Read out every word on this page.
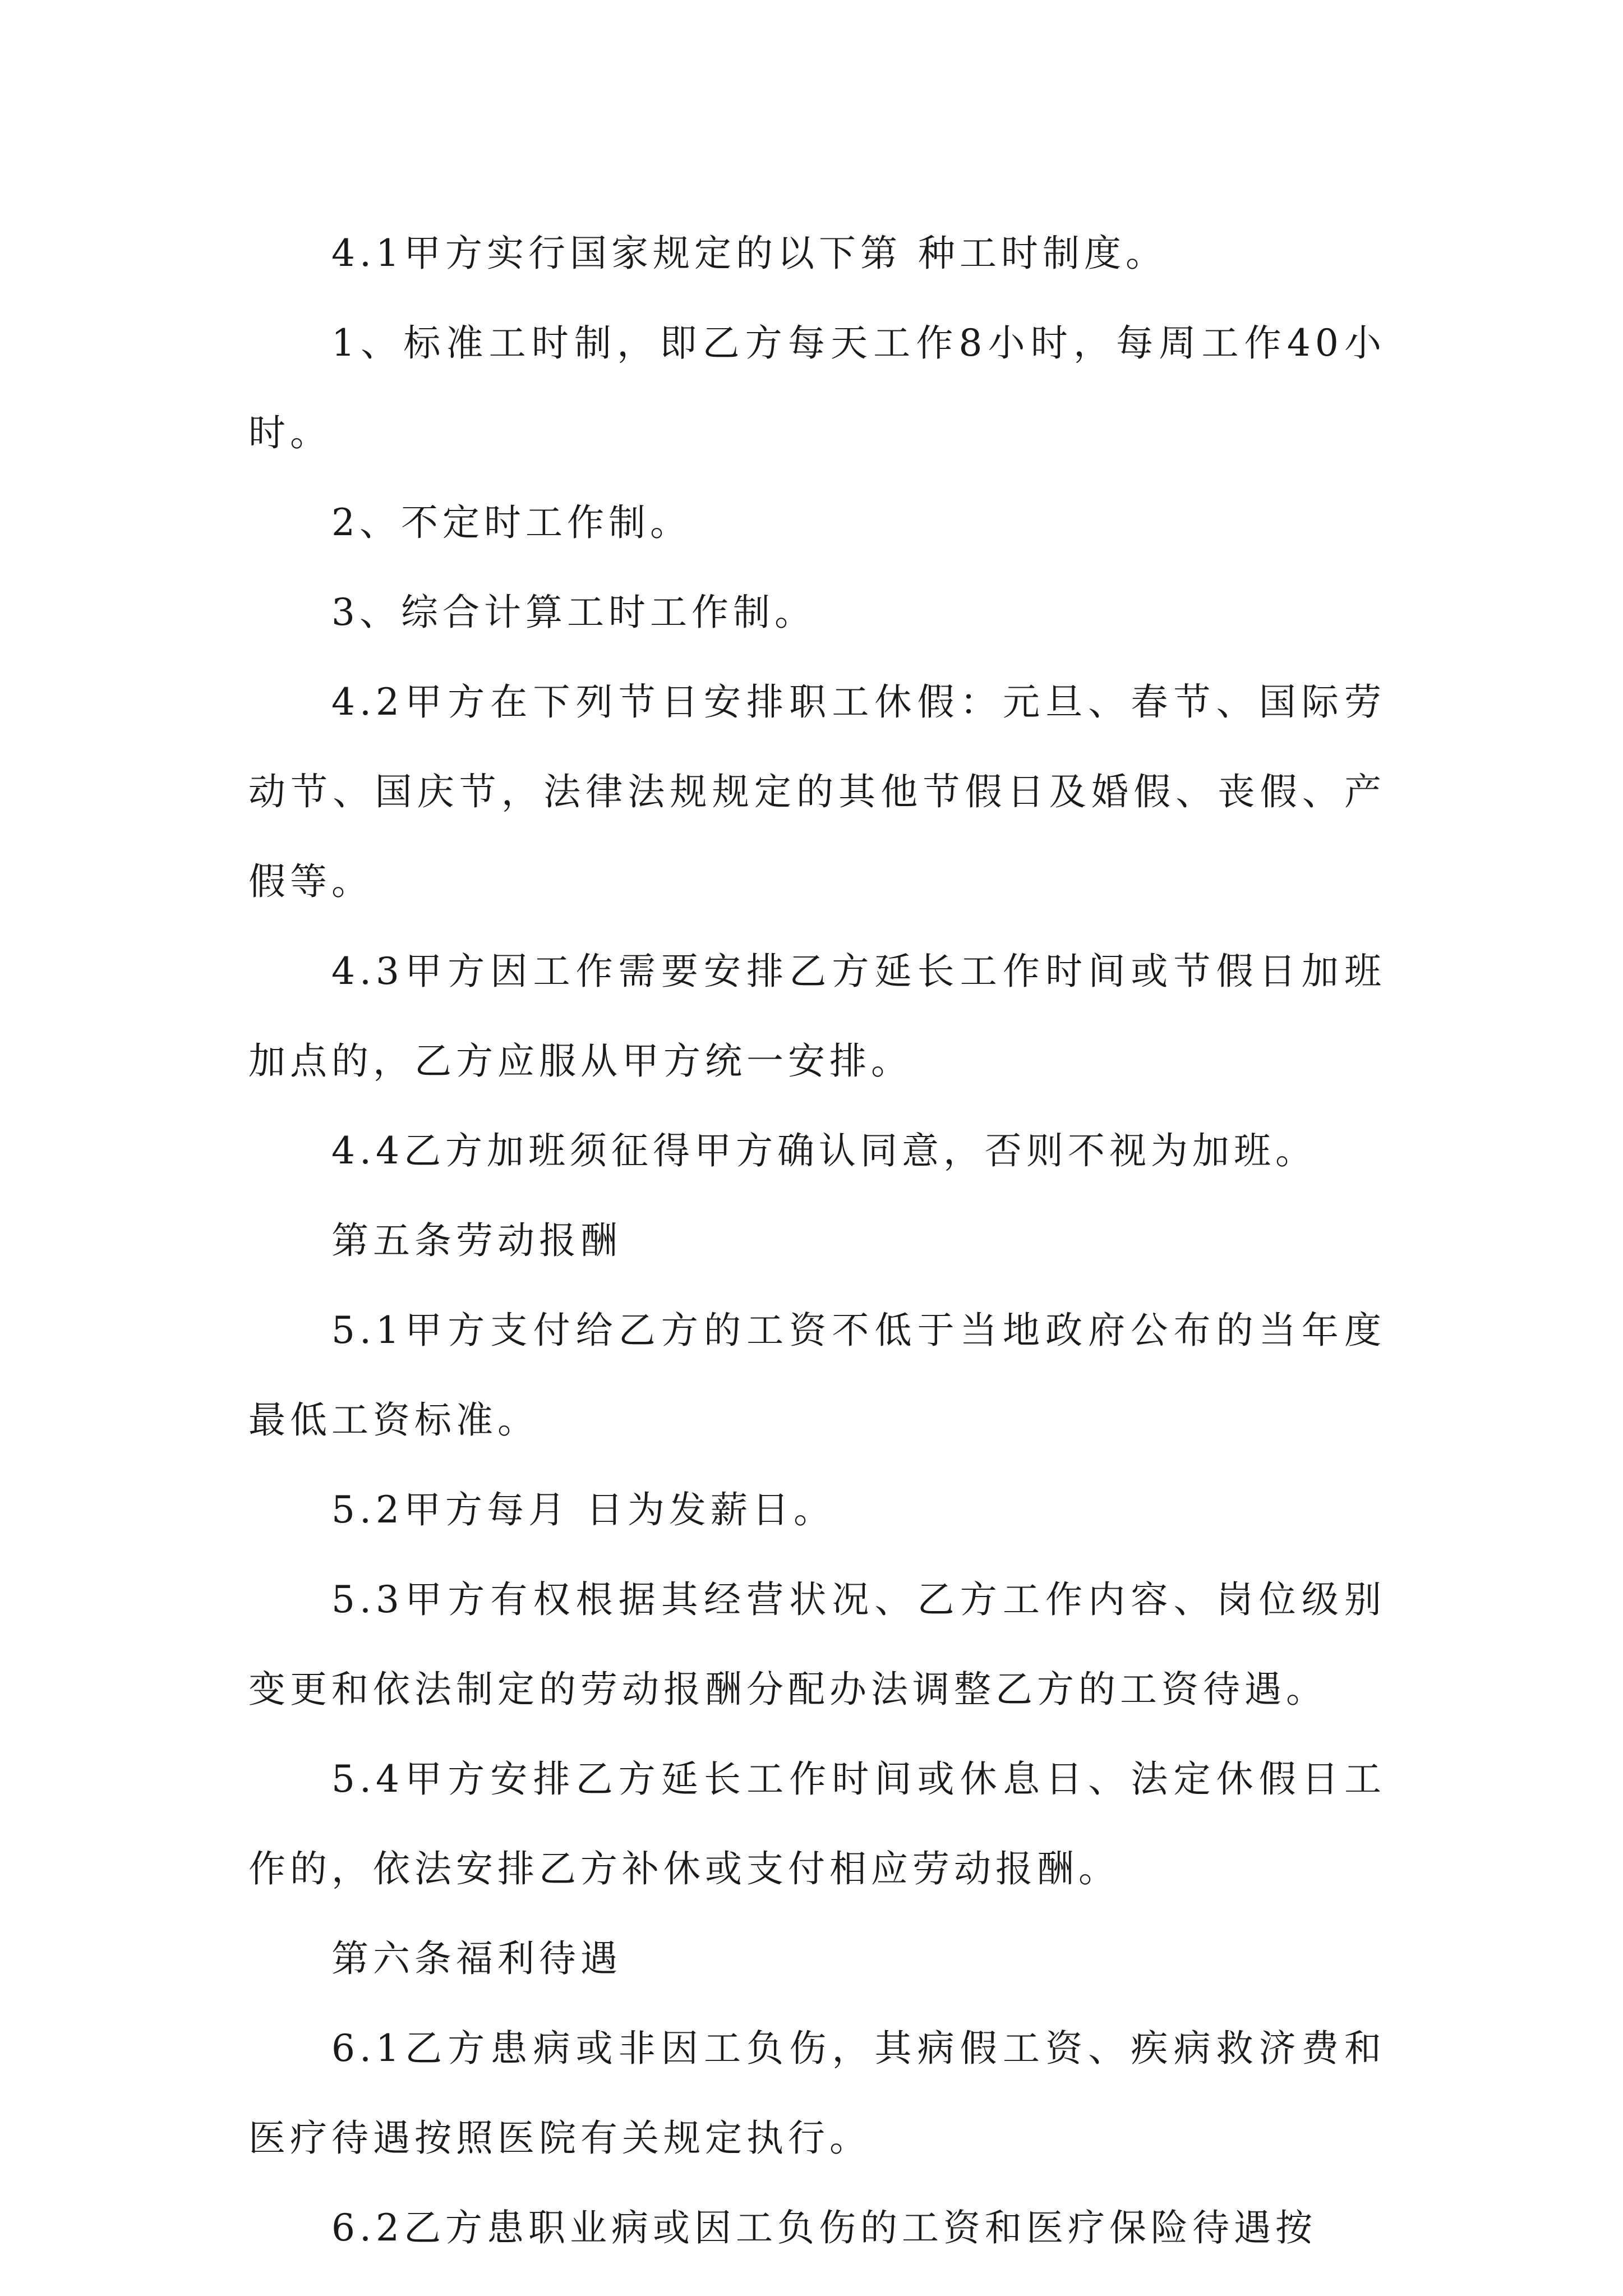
4.1甲方实行国家规定的以下第 种工时制度。

1、标准工时制，即乙方每天工作8小时，每周工作40小时。

2、不定时工作制。

3、综合计算工时工作制。

4.2甲方在下列节日安排职工休假：元旦、春节、国际劳动节、国庆节，法律法规规定的其他节假日及婚假、丧假、产假等。

4.3甲方因工作需要安排乙方延长工作时间或节假日加班加点的，乙方应服从甲方统一安排。

4.4乙方加班须征得甲方确认同意，否则不视为加班。

第五条劳动报酬

5.1甲方支付给乙方的工资不低于当地政府公布的当年度最低工资标准。

5.2甲方每月 日为发薪日。

5.3甲方有权根据其经营状况、乙方工作内容、岗位级别变更和依法制定的劳动报酬分配办法调整乙方的工资待遇。

5.4甲方安排乙方延长工作时间或休息日、法定休假日工作的，依法安排乙方补休或支付相应劳动报酬。

第六条福利待遇

6.1乙方患病或非因工负伤，其病假工资、疾病救济费和医疗待遇按照医院有关规定执行。

6.2乙方患职业病或因工负伤的工资和医疗保险待遇按
